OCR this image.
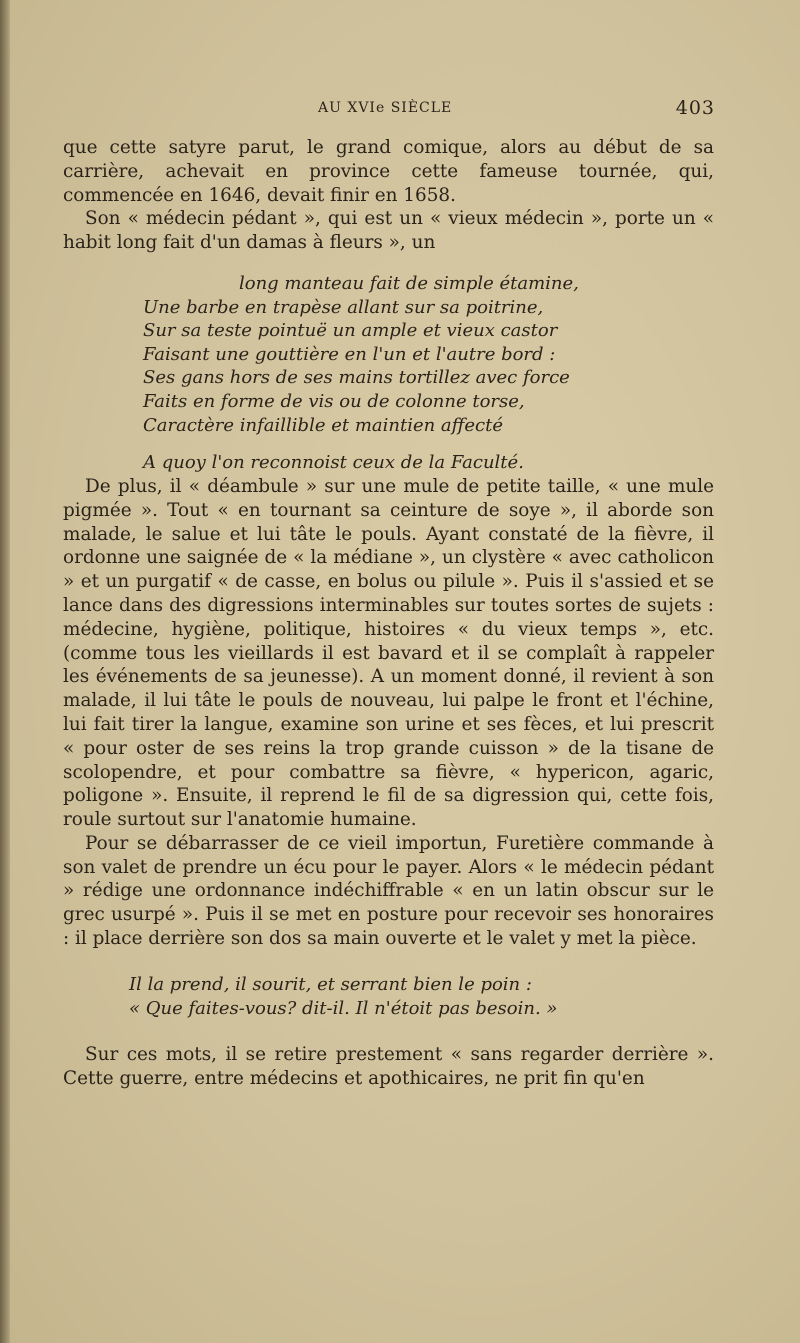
AU XVIe SIÈCLE	403

que cette satyre parut, le grand comique, alors au début de sa carrière, achevait en province cette fameuse tournée, qui, commencée en 1646, devait finir en 1658.

Son « médecin pédant », qui est un « vieux médecin », porte un « habit long fait d'un damas à fleurs », un

long manteau fait de simple étamine,
Une barbe en trapèse allant sur sa poitrine,
Sur sa teste pointuë un ample et vieux castor
Faisant une gouttière en l'un et l'autre bord :
Ses gans hors de ses mains tortillez avec force
Faits en forme de vis ou de colonne torse,
Caractère infaillible et maintien affecté
A quoy l'on reconnoist ceux de la Faculté.

De plus, il « déambule » sur une mule de petite taille, « une mule pigmée ». Tout « en tournant sa ceinture de soye », il aborde son malade, le salue et lui tâte le pouls. Ayant constaté de la fièvre, il ordonne une saignée de « la médiane », un clystère « avec catholicon » et un purgatif « de casse, en bolus ou pilule ». Puis il s'assied et se lance dans des digressions interminables sur toutes sortes de sujets : médecine, hygiène, politique, histoires « du vieux temps », etc. (comme tous les vieillards il est bavard et il se complaît à rappeler les événements de sa jeunesse). A un moment donné, il revient à son malade, il lui tâte le pouls de nouveau, lui palpe le front et l'échine, lui fait tirer la langue, examine son urine et ses fèces, et lui prescrit « pour oster de ses reins la trop grande cuisson » de la tisane de scolopendre, et pour combattre sa fièvre, « hypericon, agaric, poligone ». Ensuite, il reprend le fil de sa digression qui, cette fois, roule surtout sur l'anatomie humaine.

Pour se débarrasser de ce vieil importun, Furetière commande à son valet de prendre un écu pour le payer. Alors « le médecin pédant » rédige une ordonnance indéchiffrable « en un latin obscur sur le grec usurpé ». Puis il se met en posture pour recevoir ses honoraires : il place derrière son dos sa main ouverte et le valet y met la pièce.

Il la prend, il sourit, et serrant bien le poin :
« Que faites-vous? dit-il. Il n'étoit pas besoin. »

Sur ces mots, il se retire prestement « sans regarder derrière ». Cette guerre, entre médecins et apothicaires, ne prit fin qu'en
